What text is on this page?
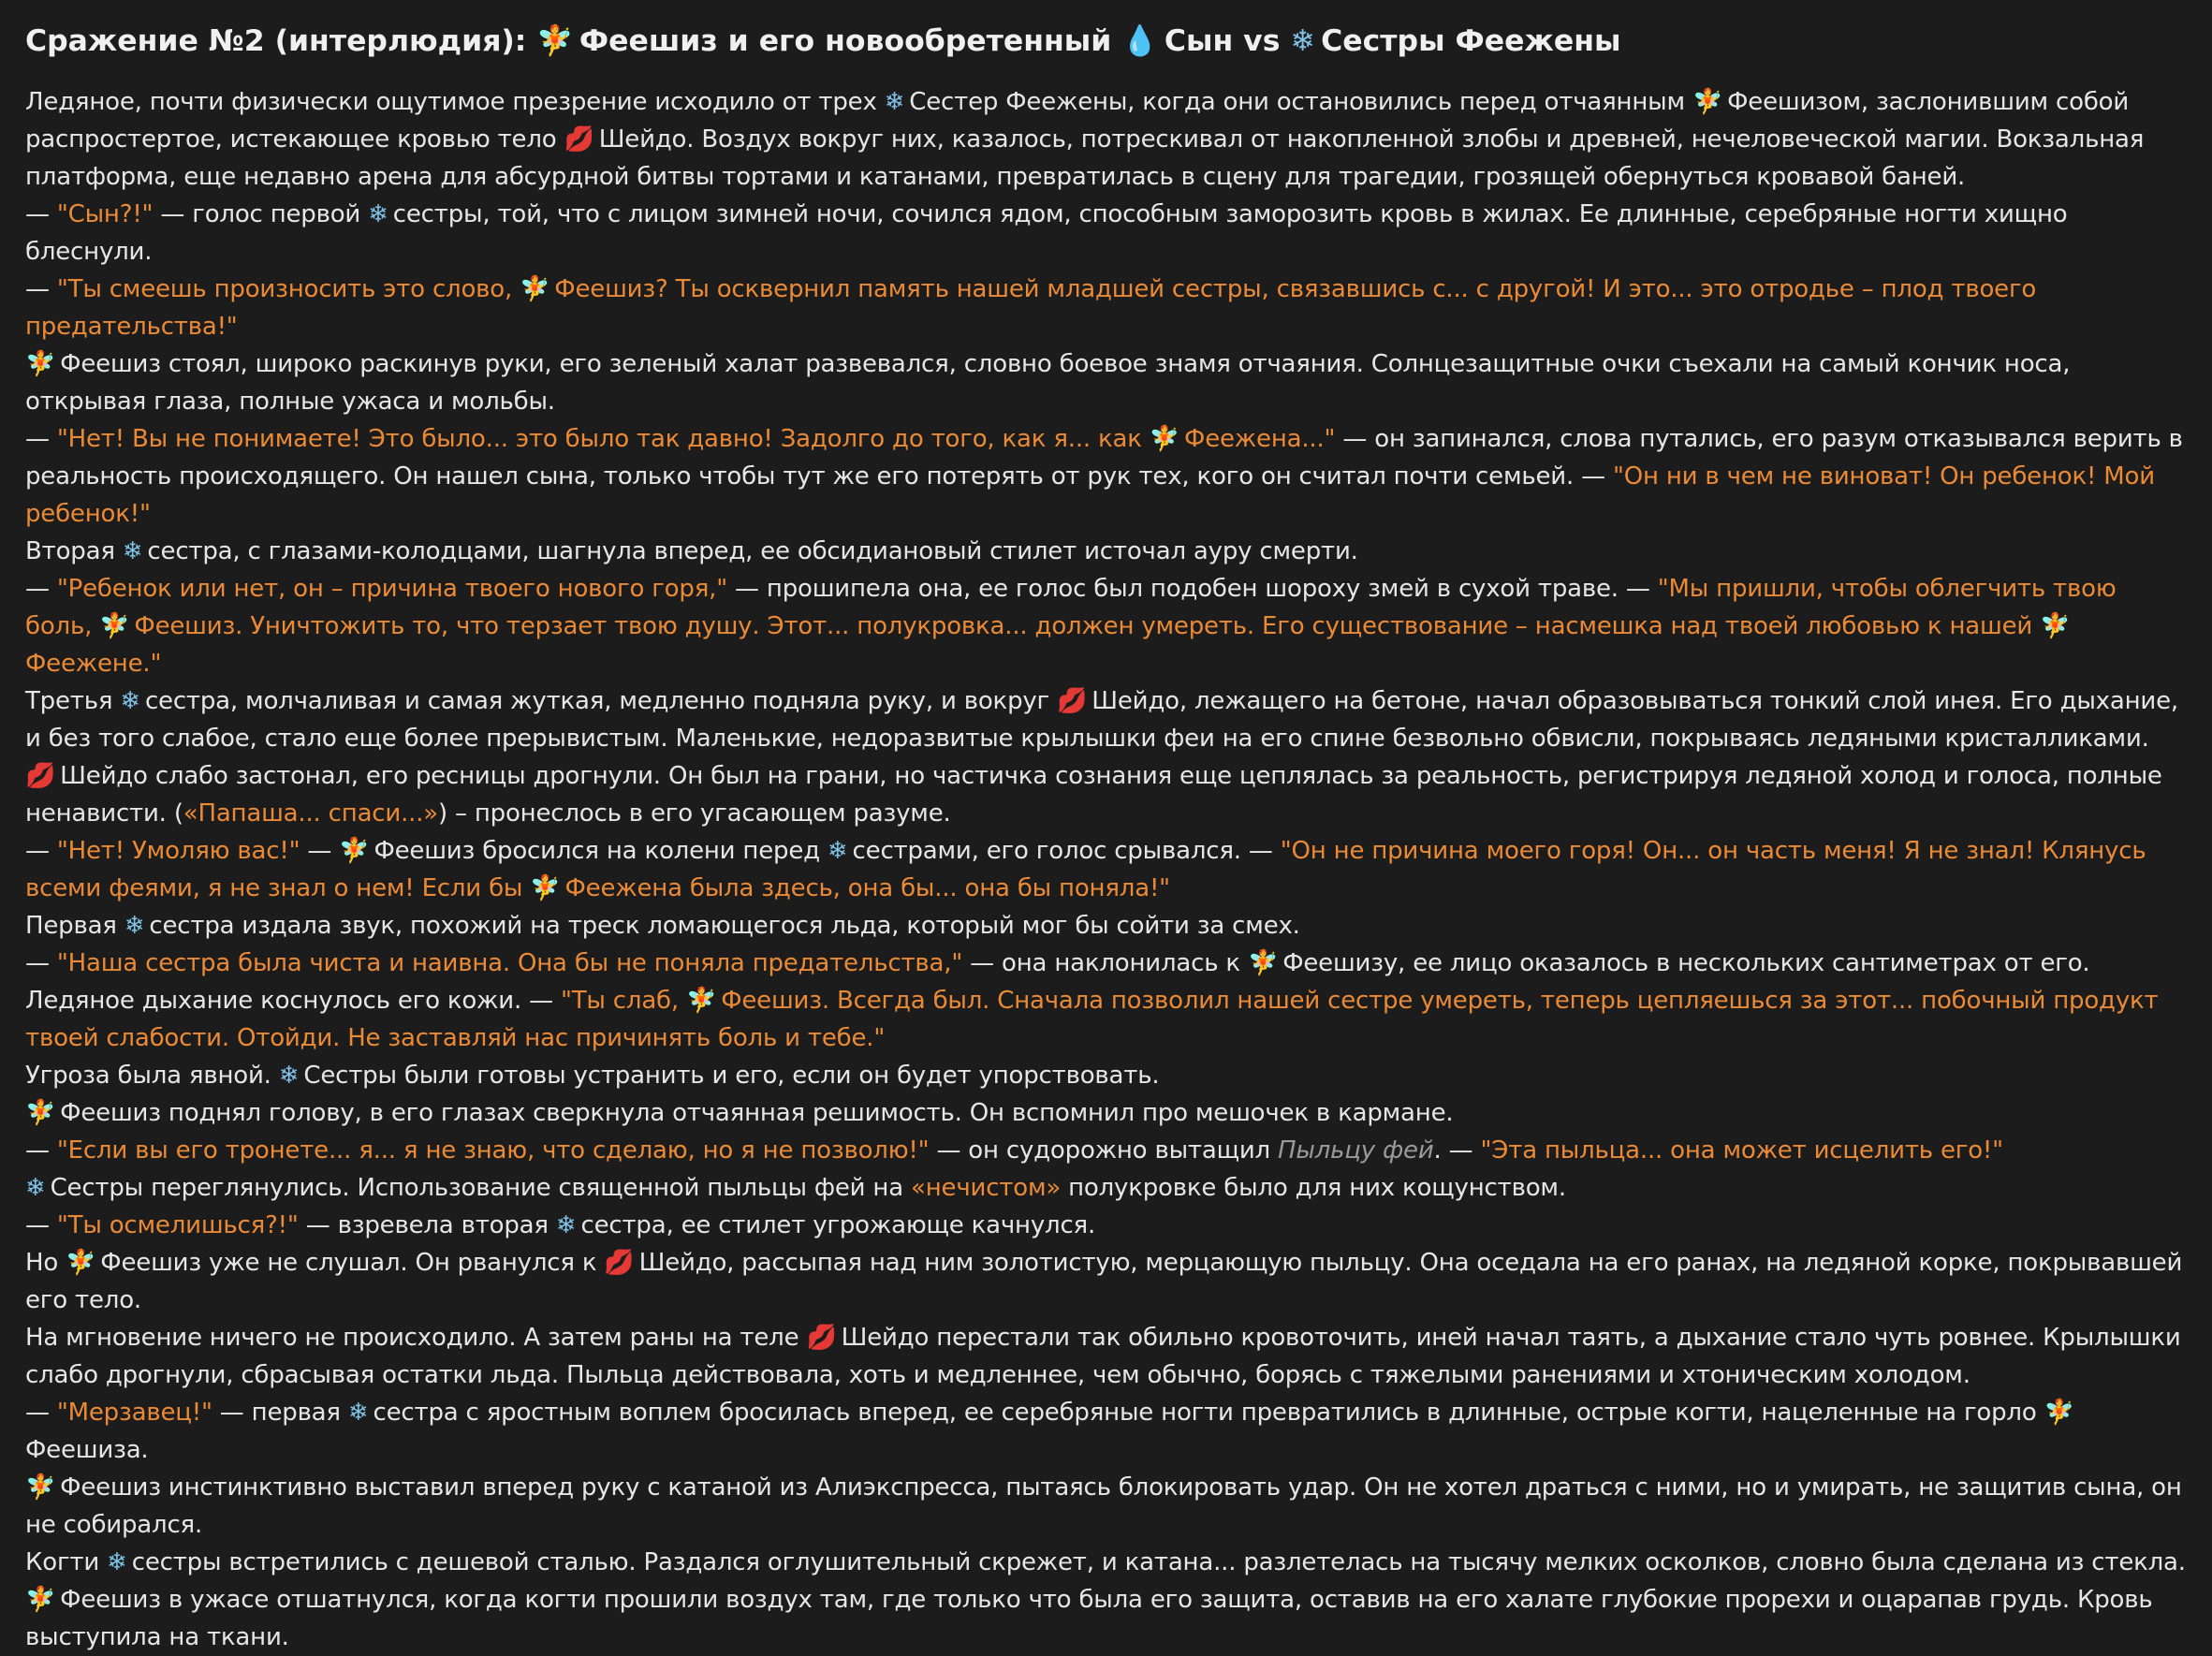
Сражение №2 (интерлюдия): 🧚 Феешиз и его новообретенный 💧 Сын vs ❄ Сестры Феежены
Ледяное, почти физически ощутимое презрение исходило от трех ❄ Сестер Феежены, когда они остановились перед отчаянным 🧚 Феешизом, заслонившим собой распростертое, истекающее кровью тело 💋 Шейдо. Воздух вокруг них, казалось, потрескивал от накопленной злобы и древней, нечеловеческой магии. Вокзальная платформа, еще недавно арена для абсурдной битвы тортами и катанами, превратилась в сцену для трагедии, грозящей обернуться кровавой баней.
— "Сын?!" — голос первой ❄ сестры, той, что с лицом зимней ночи, сочился ядом, способным заморозить кровь в жилах. Ее длинные, серебряные ногти хищно блеснули.
— "Ты смеешь произносить это слово, 🧚 Феешиз? Ты осквернил память нашей младшей сестры, связавшись с... с другой! И это... это отродье – плод твоего предательства!"
🧚 Феешиз стоял, широко раскинув руки, его зеленый халат развевался, словно боевое знамя отчаяния. Солнцезащитные очки съехали на самый кончик носа, открывая глаза, полные ужаса и мольбы.
— "Нет! Вы не понимаете! Это было... это было так давно! Задолго до того, как я... как 🧚 Феежена..." — он запинался, слова путались, его разум отказывался верить в реальность происходящего. Он нашел сына, только чтобы тут же его потерять от рук тех, кого он считал почти семьей. — "Он ни в чем не виноват! Он ребенок! Мой ребенок!"
Вторая ❄ сестра, с глазами-колодцами, шагнула вперед, ее обсидиановый стилет источал ауру смерти.
— "Ребенок или нет, он – причина твоего нового горя," — прошипела она, ее голос был подобен шороху змей в сухой траве. — "Мы пришли, чтобы облегчить твою боль, 🧚 Феешиз. Уничтожить то, что терзает твою душу. Этот... полукровка... должен умереть. Его существование – насмешка над твоей любовью к нашей 🧚 Феежене."
Третья ❄ сестра, молчаливая и самая жуткая, медленно подняла руку, и вокруг 💋 Шейдо, лежащего на бетоне, начал образовываться тонкий слой инея. Его дыхание, и без того слабое, стало еще более прерывистым. Маленькие, недоразвитые крылышки феи на его спине безвольно обвисли, покрываясь ледяными кристалликами.
💋 Шейдо слабо застонал, его ресницы дрогнули. Он был на грани, но частичка сознания еще цеплялась за реальность, регистрируя ледяной холод и голоса, полные ненависти. («Папаша... спаси...») – пронеслось в его угасающем разуме.
— "Нет! Умоляю вас!" — 🧚 Феешиз бросился на колени перед ❄ сестрами, его голос срывался. — "Он не причина моего горя! Он... он часть меня! Я не знал! Клянусь всеми феями, я не знал о нем! Если бы 🧚 Феежена была здесь, она бы... она бы поняла!"
Первая ❄ сестра издала звук, похожий на треск ломающегося льда, который мог бы сойти за смех.
— "Наша сестра была чиста и наивна. Она бы не поняла предательства," — она наклонилась к 🧚 Феешизу, ее лицо оказалось в нескольких сантиметрах от его. Ледяное дыхание коснулось его кожи. — "Ты слаб, 🧚 Феешиз. Всегда был. Сначала позволил нашей сестре умереть, теперь цепляешься за этот... побочный продукт твоей слабости. Отойди. Не заставляй нас причинять боль и тебе."
Угроза была явной. ❄ Сестры были готовы устранить и его, если он будет упорствовать.
🧚 Феешиз поднял голову, в его глазах сверкнула отчаянная решимость. Он вспомнил про мешочек в кармане.
— "Если вы его тронете... я... я не знаю, что сделаю, но я не позволю!" — он судорожно вытащил Пыльцу фей. — "Эта пыльца... она может исцелить его!"
❄ Сестры переглянулись. Использование священной пыльцы фей на «нечистом» полукровке было для них кощунством.
— "Ты осмелишься?!" — взревела вторая ❄ сестра, ее стилет угрожающе качнулся.
Но 🧚 Феешиз уже не слушал. Он рванулся к 💋 Шейдо, рассыпая над ним золотистую, мерцающую пыльцу. Она оседала на его ранах, на ледяной корке, покрывавшей его тело.
На мгновение ничего не происходило. А затем раны на теле 💋 Шейдо перестали так обильно кровоточить, иней начал таять, а дыхание стало чуть ровнее. Крылышки слабо дрогнули, сбрасывая остатки льда. Пыльца действовала, хоть и медленнее, чем обычно, борясь с тяжелыми ранениями и хтоническим холодом.
— "Мерзавец!" — первая ❄ сестра с яростным воплем бросилась вперед, ее серебряные ногти превратились в длинные, острые когти, нацеленные на горло 🧚 Феешиза.
🧚 Феешиз инстинктивно выставил вперед руку с катаной из Алиэкспресса, пытаясь блокировать удар. Он не хотел драться с ними, но и умирать, не защитив сына, он не собирался.
Когти ❄ сестры встретились с дешевой сталью. Раздался оглушительный скрежет, и катана... разлетелась на тысячу мелких осколков, словно была сделана из стекла. 🧚 Феешиз в ужасе отшатнулся, когда когти прошили воздух там, где только что была его защита, оставив на его халате глубокие прорехи и оцарапав грудь. Кровь выступила на ткани.
